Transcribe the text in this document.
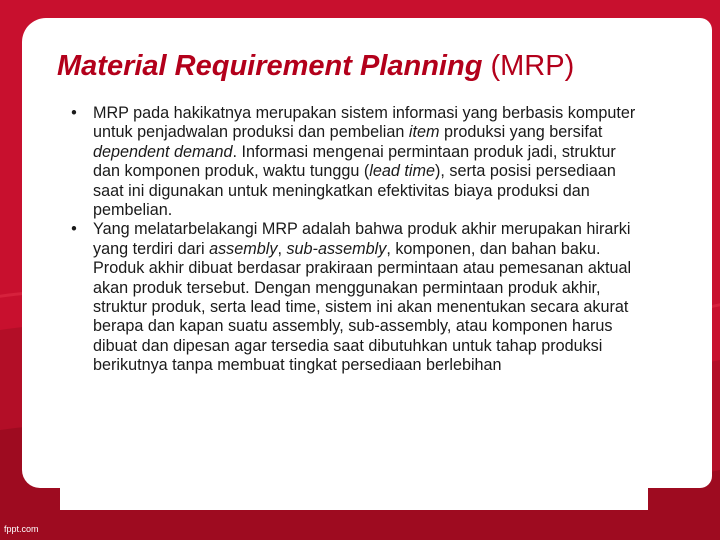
Material Requirement Planning (MRP)
• MRP pada hakikatnya merupakan sistem informasi yang berbasis komputer untuk penjadwalan produksi dan pembelian item produksi yang bersifat dependent demand. Informasi mengenai permintaan produk jadi, struktur dan komponen produk, waktu tunggu (lead time), serta posisi persediaan saat ini digunakan untuk meningkatkan efektivitas biaya produksi dan pembelian.
• Yang melatarbelakangi MRP adalah bahwa produk akhir merupakan hirarki yang terdiri dari assembly, sub-assembly, komponen, dan bahan baku. Produk akhir dibuat berdasar prakiraan permintaan atau pemesanan aktual akan produk tersebut. Dengan menggunakan permintaan produk akhir, struktur produk, serta lead time, sistem ini akan menentukan secara akurat berapa dan kapan suatu assembly, sub-assembly, atau komponen harus dibuat dan dipesan agar tersedia saat dibutuhkan untuk tahap produksi berikutnya tanpa membuat tingkat persediaan berlebihan
fppt.com
